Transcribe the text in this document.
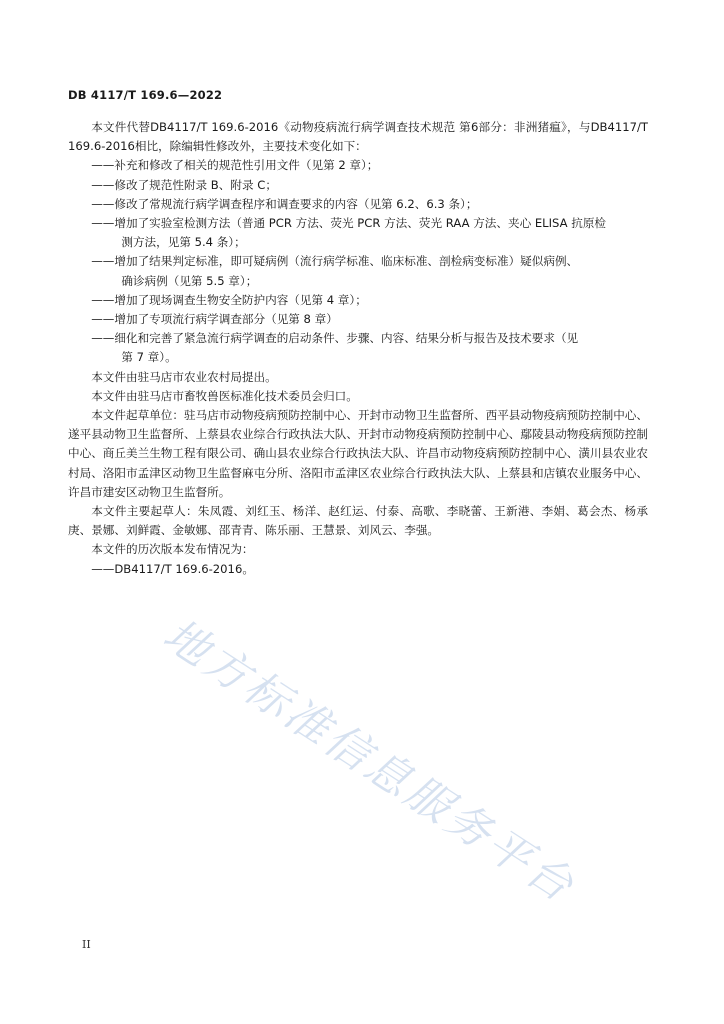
DB 4117/T 169.6—2022

本文件代替DB4117/T 169.6-2016《动物疫病流行病学调查技术规范 第6部分：非洲猪瘟》，与DB4117/T 169.6-2016相比，除编辑性修改外，主要技术变化如下：

——补充和修改了相关的规范性引用文件（见第 2 章）；

——修改了规范性附录 B、附录 C；

——修改了常规流行病学调查程序和调查要求的内容（见第 6.2、6.3 条）；

——增加了实验室检测方法（普通 PCR 方法、荧光 PCR 方法、荧光 RAA 方法、夹心 ELISA 抗原检
测方法，见第 5.4 条）；

——增加了结果判定标准，即可疑病例（流行病学标准、临床标准、剖检病变标准）疑似病例、
确诊病例（见第 5.5 章）；

——增加了现场调查生物安全防护内容（见第 4 章）；

——增加了专项流行病学调查部分（见第 8 章）

——细化和完善了紧急流行病学调查的启动条件、步骤、内容、结果分析与报告及技术要求（见
第 7 章）。

本文件由驻马店市农业农村局提出。

本文件由驻马店市畜牧兽医标准化技术委员会归口。

本文件起草单位：驻马店市动物疫病预防控制中心、开封市动物卫生监督所、西平县动物疫病预防控制中心、遂平县动物卫生监督所、上蔡县农业综合行政执法大队、开封市动物疫病预防控制中心、鄢陵县动物疫病预防控制中心、商丘美兰生物工程有限公司、确山县农业综合行政执法大队、许昌市动物疫病预防控制中心、潢川县农业农村局、洛阳市孟津区动物卫生监督麻屯分所、洛阳市孟津区农业综合行政执法大队、上蔡县和店镇农业服务中心、许昌市建安区动物卫生监督所。

本文件主要起草人：朱凤霞、刘红玉、杨洋、赵红运、付泰、高歌、李晓蕾、王新港、李娟、葛会杰、杨承庚、景娜、刘鲜霞、金敏娜、邵青青、陈乐丽、王慧景、刘风云、李强。

本文件的历次版本发布情况为：

——DB4117/T 169.6-2016。

地方标准信息服务平台
II
